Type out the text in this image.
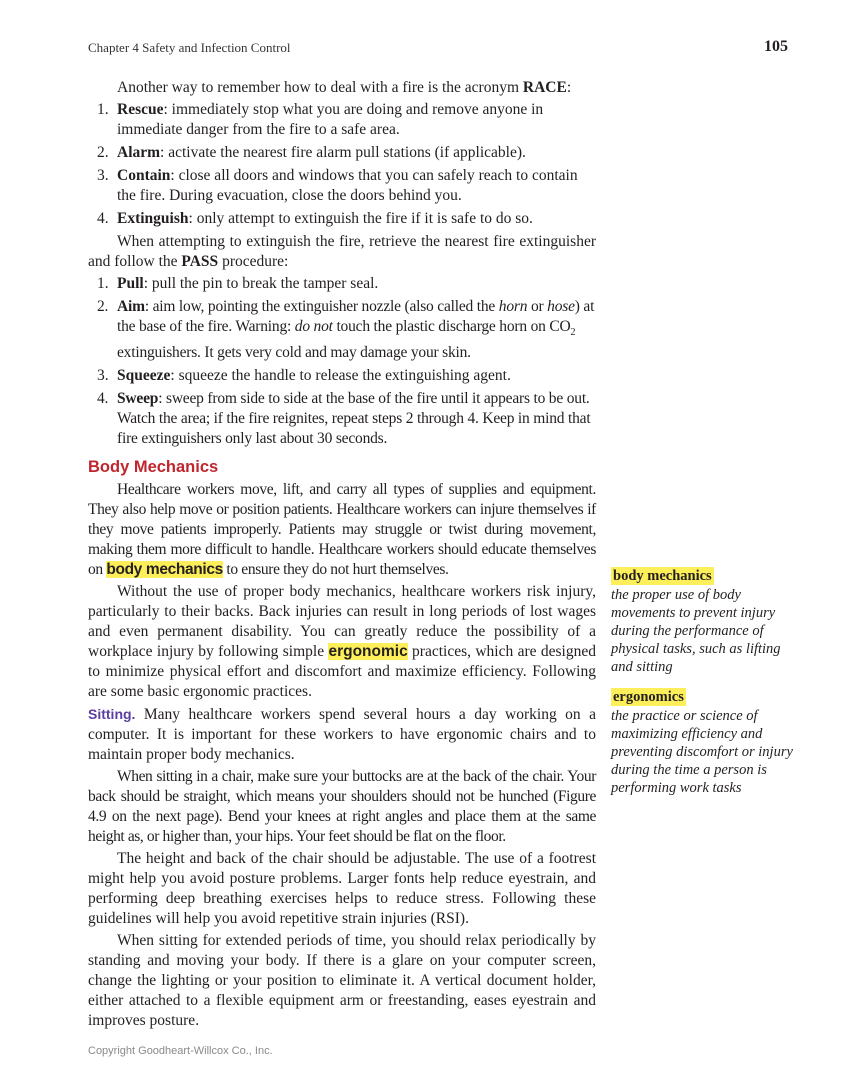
Chapter 4 Safety and Infection Control	105

Another way to remember how to deal with a fire is the acronym RACE:

1. Rescue: immediately stop what you are doing and remove anyone in immediate danger from the fire to a safe area.
2. Alarm: activate the nearest fire alarm pull stations (if applicable).
3. Contain: close all doors and windows that you can safely reach to contain the fire. During evacuation, close the doors behind you.
4. Extinguish: only attempt to extinguish the fire if it is safe to do so.

When attempting to extinguish the fire, retrieve the nearest fire extinguisher and follow the PASS procedure:

1. Pull: pull the pin to break the tamper seal.
2. Aim: aim low, pointing the extinguisher nozzle (also called the horn or hose) at the base of the fire. Warning: do not touch the plastic discharge horn on $CO_2$ extinguishers. It gets very cold and may damage your skin.
3. Squeeze: squeeze the handle to release the extinguishing agent.
4. Sweep: sweep from side to side at the base of the fire until it appears to be out. Watch the area; if the fire reignites, repeat steps 2 through 4. Keep in mind that fire extinguishers only last about 30 seconds.
Body Mechanics

Healthcare workers move, lift, and carry all types of supplies and equipment. They also help move or position patients. Healthcare workers can injure themselves if they move patients improperly. Patients may struggle or twist during movement, making them more difficult to handle. Healthcare workers should educate themselves on body mechanics to ensure they do not hurt themselves.

Without the use of proper body mechanics, healthcare workers risk injury, particularly to their backs. Back injuries can result in long periods of lost wages and even permanent disability. You can greatly reduce the possibility of a workplace injury by following simple ergonomic practices, which are designed to minimize physical effort and discomfort and maximize efficiency. Following are some basic ergonomic practices.

Sitting. Many healthcare workers spend several hours a day working on a computer. It is important for these workers to have ergonomic chairs and to maintain proper body mechanics.

When sitting in a chair, make sure your buttocks are at the back of the chair. Your back should be straight, which means your shoulders should not be hunched (Figure 4.9 on the next page). Bend your knees at right angles and place them at the same height as, or higher than, your hips. Your feet should be flat on the floor.

The height and back of the chair should be adjustable. The use of a footrest might help you avoid posture problems. Larger fonts help reduce eyestrain, and performing deep breathing exercises helps to reduce stress. Following these guidelines will help you avoid repetitive strain injuries (RSI).

When sitting for extended periods of time, you should relax periodically by standing and moving your body. If there is a glare on your computer screen, change the lighting or your position to eliminate it. A vertical document holder, either attached to a flexible equipment arm or freestanding, eases eyestrain and improves posture.

body mechanics
the proper use of body movements to prevent injury during the performance of physical tasks, such as lifting and sitting
ergonomics
the practice or science of maximizing efficiency and preventing discomfort or injury during the time a person is performing work tasks
Copyright Goodheart-Willcox Co., Inc.
